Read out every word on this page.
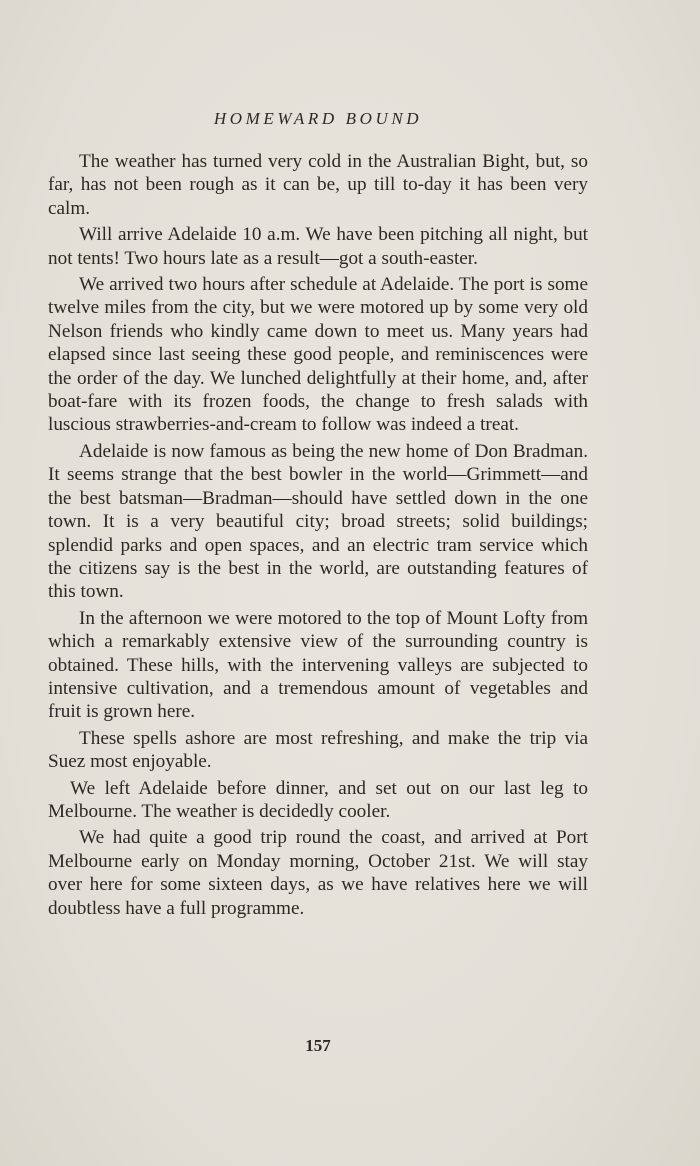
HOMEWARD BOUND

The weather has turned very cold in the Australian Bight, but, so far, has not been rough as it can be, up till to-day it has been very calm.

Will arrive Adelaide 10 a.m. We have been pitching all night, but not tents! Two hours late as a result—got a south-easter.

We arrived two hours after schedule at Adelaide. The port is some twelve miles from the city, but we were motored up by some very old Nelson friends who kindly came down to meet us. Many years had elapsed since last seeing these good people, and reminiscences were the order of the day. We lunched delightfully at their home, and, after boat-fare with its frozen foods, the change to fresh salads with luscious strawberries-and-cream to follow was indeed a treat.

Adelaide is now famous as being the new home of Don Bradman. It seems strange that the best bowler in the world—Grimmett—and the best batsman—Bradman—should have settled down in the one town. It is a very beautiful city; broad streets; solid buildings; splendid parks and open spaces, and an electric tram service which the citizens say is the best in the world, are outstanding features of this town.

In the afternoon we were motored to the top of Mount Lofty from which a remarkably extensive view of the surrounding country is obtained. These hills, with the intervening valleys are subjected to intensive cultivation, and a tremendous amount of vegetables and fruit is grown here.

These spells ashore are most refreshing, and make the trip via Suez most enjoyable.

We left Adelaide before dinner, and set out on our last leg to Melbourne. The weather is decidedly cooler.

We had quite a good trip round the coast, and arrived at Port Melbourne early on Monday morning, October 21st. We will stay over here for some sixteen days, as we have relatives here we will doubtless have a full programme.

157
